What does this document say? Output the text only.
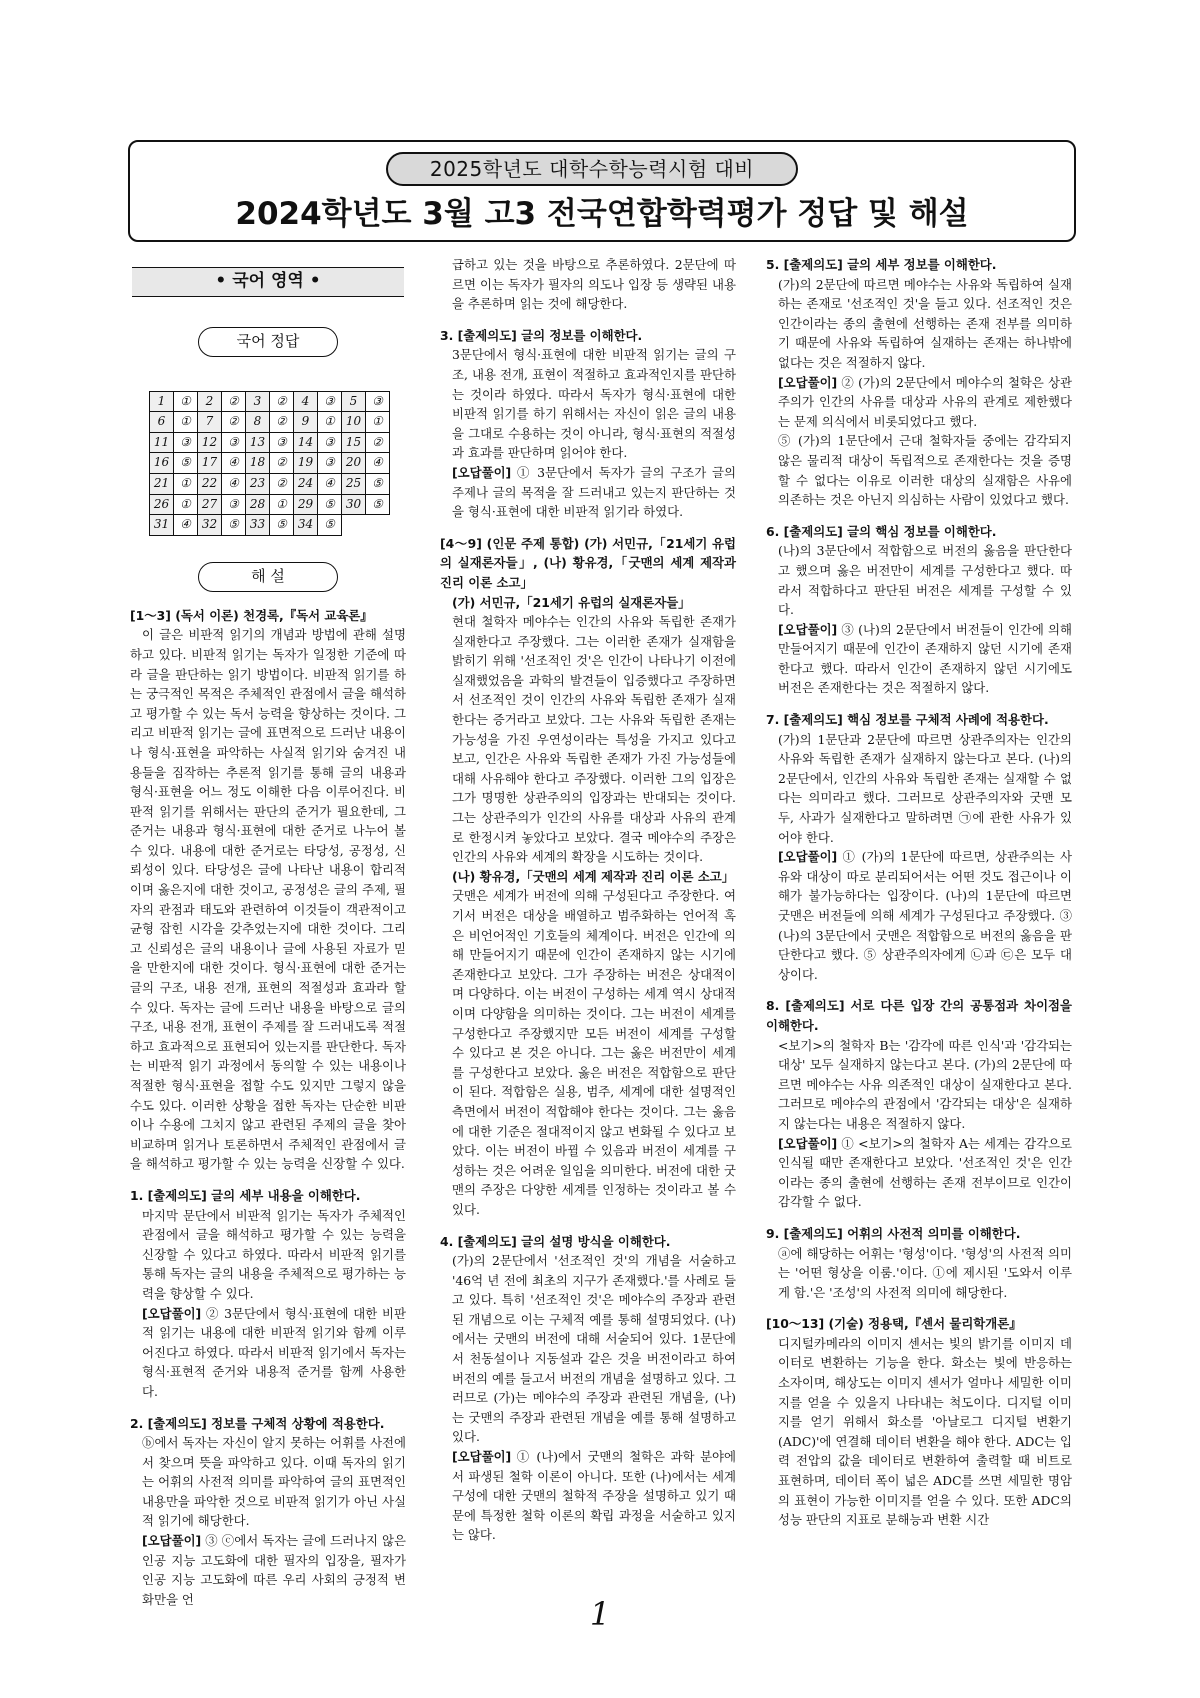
2025학년도 대학수학능력시험 대비
2024학년도 3월 고3 전국연합학력평가 정답 및 해설
• 국어 영역 •
국어 정답
1	①	2	②	3	②	4	③	5	③
6	①	7	②	8	②	9	①	10	①
11	③	12	③	13	③	14	③	15	②
16	⑤	17	④	18	②	19	③	20	④
21	①	22	④	23	②	24	④	25	⑤
26	①	27	③	28	①	29	⑤	30	⑤
31	④	32	⑤	33	⑤	34	⑤		
해 설
[1～3] (독서 이론) 천경록,『독서 교육론』
이 글은 비판적 읽기의 개념과 방법에 관해 설명하고 있다. 비판적 읽기는 독자가 일정한 기준에 따라 글을 판단하는 읽기 방법이다. 비판적 읽기를 하는 궁극적인 목적은 주체적인 관점에서 글을 해석하고 평가할 수 있는 독서 능력을 향상하는 것이다. 그리고 비판적 읽기는 글에 표면적으로 드러난 내용이나 형식·표현을 파악하는 사실적 읽기와 숨겨진 내용들을 짐작하는 추론적 읽기를 통해 글의 내용과 형식·표현을 어느 정도 이해한 다음 이루어진다. 비판적 읽기를 위해서는 판단의 준거가 필요한데, 그 준거는 내용과 형식·표현에 대한 준거로 나누어 볼 수 있다. 내용에 대한 준거로는 타당성, 공정성, 신뢰성이 있다. 타당성은 글에 나타난 내용이 합리적이며 옳은지에 대한 것이고, 공정성은 글의 주제, 필자의 관점과 태도와 관련하여 이것들이 객관적이고 균형 잡힌 시각을 갖추었는지에 대한 것이다. 그리고 신뢰성은 글의 내용이나 글에 사용된 자료가 믿을 만한지에 대한 것이다. 형식·표현에 대한 준거는 글의 구조, 내용 전개, 표현의 적절성과 효과라 할 수 있다. 독자는 글에 드러난 내용을 바탕으로 글의 구조, 내용 전개, 표현이 주제를 잘 드러내도록 적절하고 효과적으로 표현되어 있는지를 판단한다. 독자는 비판적 읽기 과정에서 동의할 수 있는 내용이나 적절한 형식·표현을 접할 수도 있지만 그렇지 않을 수도 있다. 이러한 상황을 접한 독자는 단순한 비판이나 수용에 그치지 않고 관련된 주제의 글을 찾아 비교하며 읽거나 토론하면서 주체적인 관점에서 글을 해석하고 평가할 수 있는 능력을 신장할 수 있다.
1. [출제의도] 글의 세부 내용을 이해한다.
마지막 문단에서 비판적 읽기는 독자가 주체적인 관점에서 글을 해석하고 평가할 수 있는 능력을 신장할 수 있다고 하였다. 따라서 비판적 읽기를 통해 독자는 글의 내용을 주체적으로 평가하는 능력을 향상할 수 있다.
[오답풀이] ② 3문단에서 형식·표현에 대한 비판적 읽기는 내용에 대한 비판적 읽기와 함께 이루어진다고 하였다. 따라서 비판적 읽기에서 독자는 형식·표현적 준거와 내용적 준거를 함께 사용한다.
2. [출제의도] 정보를 구체적 상황에 적용한다.
ⓑ에서 독자는 자신이 알지 못하는 어휘를 사전에서 찾으며 뜻을 파악하고 있다. 이때 독자의 읽기는 어휘의 사전적 의미를 파악하여 글의 표면적인 내용만을 파악한 것으로 비판적 읽기가 아닌 사실적 읽기에 해당한다.
[오답풀이] ③ ⓒ에서 독자는 글에 드러나지 않은 인공 지능 고도화에 대한 필자의 입장을, 필자가 인공 지능 고도화에 따른 우리 사회의 긍정적 변화만을 언
급하고 있는 것을 바탕으로 추론하였다. 2문단에 따르면 이는 독자가 필자의 의도나 입장 등 생략된 내용을 추론하며 읽는 것에 해당한다.
3. [출제의도] 글의 정보를 이해한다.
3문단에서 형식·표현에 대한 비판적 읽기는 글의 구조, 내용 전개, 표현이 적절하고 효과적인지를 판단하는 것이라 하였다. 따라서 독자가 형식·표현에 대한 비판적 읽기를 하기 위해서는 자신이 읽은 글의 내용을 그대로 수용하는 것이 아니라, 형식·표현의 적절성과 효과를 판단하며 읽어야 한다.
[오답풀이] ① 3문단에서 독자가 글의 구조가 글의 주제나 글의 목적을 잘 드러내고 있는지 판단하는 것을 형식·표현에 대한 비판적 읽기라 하였다.
[4～9] (인문 주제 통합) (가) 서민규,「21세기 유럽의 실재론자들」, (나) 황유경,「굿맨의 세계 제작과 진리 이론 소고」
(가) 서민규,「21세기 유럽의 실재론자들」
현대 철학자 메야수는 인간의 사유와 독립한 존재가 실재한다고 주장했다. 그는 이러한 존재가 실재함을 밝히기 위해 '선조적인 것'은 인간이 나타나기 이전에 실재했었음을 과학의 발견들이 입증했다고 주장하면서 선조적인 것이 인간의 사유와 독립한 존재가 실재한다는 증거라고 보았다. 그는 사유와 독립한 존재는 가능성을 가진 우연성이라는 특성을 가지고 있다고 보고, 인간은 사유와 독립한 존재가 가진 가능성들에 대해 사유해야 한다고 주장했다. 이러한 그의 입장은 그가 명명한 상관주의의 입장과는 반대되는 것이다. 그는 상관주의가 인간의 사유를 대상과 사유의 관계로 한정시켜 놓았다고 보았다. 결국 메야수의 주장은 인간의 사유와 세계의 확장을 시도하는 것이다.
(나) 황유경,「굿맨의 세계 제작과 진리 이론 소고」
굿맨은 세계가 버전에 의해 구성된다고 주장한다. 여기서 버전은 대상을 배열하고 범주화하는 언어적 혹은 비언어적인 기호들의 체계이다. 버전은 인간에 의해 만들어지기 때문에 인간이 존재하지 않는 시기에 존재한다고 보았다. 그가 주장하는 버전은 상대적이며 다양하다. 이는 버전이 구성하는 세계 역시 상대적이며 다양함을 의미하는 것이다. 그는 버전이 세계를 구성한다고 주장했지만 모든 버전이 세계를 구성할 수 있다고 본 것은 아니다. 그는 옳은 버전만이 세계를 구성한다고 보았다. 옳은 버전은 적합함으로 판단이 된다. 적합함은 실용, 범주, 세계에 대한 설명적인 측면에서 버전이 적합해야 한다는 것이다. 그는 옳음에 대한 기준은 절대적이지 않고 변화될 수 있다고 보았다. 이는 버전이 바뀔 수 있음과 버전이 세계를 구성하는 것은 어려운 일임을 의미한다. 버전에 대한 굿맨의 주장은 다양한 세계를 인정하는 것이라고 볼 수 있다.
4. [출제의도] 글의 설명 방식을 이해한다.
(가)의 2문단에서 '선조적인 것'의 개념을 서술하고 '46억 년 전에 최초의 지구가 존재했다.'를 사례로 들고 있다. 특히 '선조적인 것'은 메야수의 주장과 관련된 개념으로 이는 구체적 예를 통해 설명되었다. (나)에서는 굿맨의 버전에 대해 서술되어 있다. 1문단에서 천동설이나 지동설과 같은 것을 버전이라고 하여 버전의 예를 들고서 버전의 개념을 설명하고 있다. 그러므로 (가)는 메야수의 주장과 관련된 개념을, (나)는 굿맨의 주장과 관련된 개념을 예를 통해 설명하고 있다.
[오답풀이] ① (나)에서 굿맨의 철학은 과학 분야에서 파생된 철학 이론이 아니다. 또한 (나)에서는 세계 구성에 대한 굿맨의 철학적 주장을 설명하고 있기 때문에 특정한 철학 이론의 확립 과정을 서술하고 있지는 않다.
5. [출제의도] 글의 세부 정보를 이해한다.
(가)의 2문단에 따르면 메야수는 사유와 독립하여 실재하는 존재로 '선조적인 것'을 들고 있다. 선조적인 것은 인간이라는 종의 출현에 선행하는 존재 전부를 의미하기 때문에 사유와 독립하여 실재하는 존재는 하나밖에 없다는 것은 적절하지 않다.
[오답풀이] ② (가)의 2문단에서 메야수의 철학은 상관주의가 인간의 사유를 대상과 사유의 관계로 제한했다는 문제 의식에서 비롯되었다고 했다.
⑤ (가)의 1문단에서 근대 철학자들 중에는 감각되지 않은 물리적 대상이 독립적으로 존재한다는 것을 증명할 수 없다는 이유로 이러한 대상의 실재함은 사유에 의존하는 것은 아닌지 의심하는 사람이 있었다고 했다.
6. [출제의도] 글의 핵심 정보를 이해한다.
(나)의 3문단에서 적합함으로 버전의 옳음을 판단한다고 했으며 옳은 버전만이 세계를 구성한다고 했다. 따라서 적합하다고 판단된 버전은 세계를 구성할 수 있다.
[오답풀이] ③ (나)의 2문단에서 버전들이 인간에 의해 만들어지기 때문에 인간이 존재하지 않던 시기에 존재한다고 했다. 따라서 인간이 존재하지 않던 시기에도 버전은 존재한다는 것은 적절하지 않다.
7. [출제의도] 핵심 정보를 구체적 사례에 적용한다.
(가)의 1문단과 2문단에 따르면 상관주의자는 인간의 사유와 독립한 존재가 실재하지 않는다고 본다. (나)의 2문단에서, 인간의 사유와 독립한 존재는 실재할 수 없다는 의미라고 했다. 그러므로 상관주의자와 굿맨 모두, 사과가 실재한다고 말하려면 ㉠에 관한 사유가 있어야 한다.
[오답풀이] ① (가)의 1문단에 따르면, 상관주의는 사유와 대상이 따로 분리되어서는 어떤 것도 접근이나 이해가 불가능하다는 입장이다. (나)의 1문단에 따르면 굿맨은 버전들에 의해 세계가 구성된다고 주장했다. ③ (나)의 3문단에서 굿맨은 적합함으로 버전의 옳음을 판단한다고 했다. ⑤ 상관주의자에게 ㉡과 ㉢은 모두 대상이다.
8. [출제의도] 서로 다른 입장 간의 공통점과 차이점을 이해한다.
<보기>의 철학자 B는 '감각에 따른 인식'과 '감각되는 대상' 모두 실재하지 않는다고 본다. (가)의 2문단에 따르면 메야수는 사유 의존적인 대상이 실재한다고 본다. 그러므로 메야수의 관점에서 '감각되는 대상'은 실재하지 않는다는 내용은 적절하지 않다.
[오답풀이] ① <보기>의 철학자 A는 세계는 감각으로 인식될 때만 존재한다고 보았다. '선조적인 것'은 인간이라는 종의 출현에 선행하는 존재 전부이므로 인간이 감각할 수 없다.
9. [출제의도] 어휘의 사전적 의미를 이해한다.
ⓐ에 해당하는 어휘는 '형성'이다. '형성'의 사전적 의미는 '어떤 형상을 이룸.'이다. ①에 제시된 '도와서 이루게 함.'은 '조성'의 사전적 의미에 해당한다.
[10～13] (기술) 정용택,『센서 물리학개론』
디지털카메라의 이미지 센서는 빛의 밝기를 이미지 데이터로 변환하는 기능을 한다. 화소는 빛에 반응하는 소자이며, 해상도는 이미지 센서가 얼마나 세밀한 이미지를 얻을 수 있을지 나타내는 척도이다. 디지털 이미지를 얻기 위해서 화소를 '아날로그 디지털 변환기(ADC)'에 연결해 데이터 변환을 해야 한다. ADC는 입력 전압의 값을 데이터로 변환하여 출력할 때 비트로 표현하며, 데이터 폭이 넓은 ADC를 쓰면 세밀한 명암의 표현이 가능한 이미지를 얻을 수 있다. 또한 ADC의 성능 판단의 지표로 분해능과 변환 시간
1
